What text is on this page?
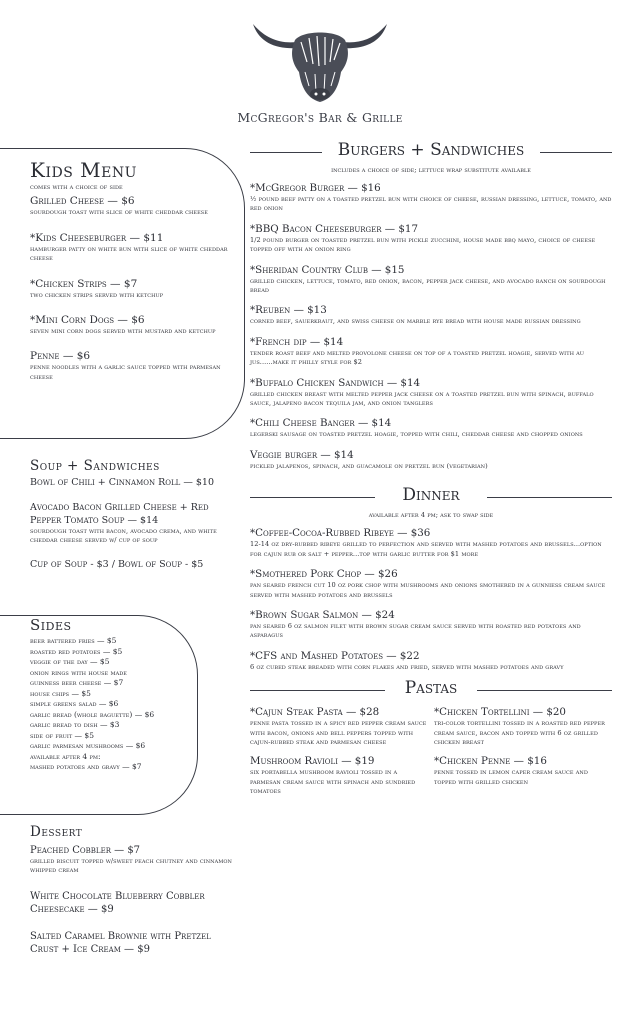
McGregor's Bar & Grille
Kids Menu
comes with a choice of side
Grilled Cheese — $6
sourdough toast with slice of white cheddar cheese
*Kids Cheeseburger — $11
hamburger patty on white bun with slice of white cheddar cheese
*Chicken Strips — $7
two chicken strips served with ketchup
*Mini Corn Dogs — $6
seven mini corn dogs served with mustard and ketchup
Penne — $6
penne noodles with a garlic sauce topped with parmesan cheese
Soup + Sandwiches
Bowl of Chili + Cinnamon Roll — $10
Avocado Bacon Grilled Cheese + Red Pepper Tomato Soup — $14
sourdough toast with bacon, avocado crema, and white cheddar cheese served w/ cup of soup
Cup of Soup - $3 / Bowl of Soup - $5
Sides
beer battered fries — $5
roasted red potatoes — $5
veggie of the day — $5
onion rings with house made
guinness beer cheese — $7
house chips — $5
simple greens salad — $6
garlic bread (whole baguette) — $6
garlic bread to dish — $3
side of fruit — $5
garlic parmesan mushrooms — $6
available after 4 pm:
mashed potatoes and gravy — $7
Dessert
Peached Cobbler — $7
grilled biscuit topped w/sweet peach chutney and cinnamon whipped cream
White Chocolate Blueberry Cobbler Cheesecake — $9
Salted Caramel Brownie with Pretzel Crust + Ice Cream — $9
Burgers + Sandwiches
includes a choice of side; lettuce wrap substitute available
*McGregor Burger — $16
½ pound beef patty on a toasted pretzel bun with choice of cheese, russian dressing, lettuce, tomato, and red onion
*BBQ Bacon Cheeseburger — $17
1/2 pound burger on toasted pretzel bun with pickle zucchini, house made bbq mayo, choice of cheese topped off with an onion ring
*Sheridan Country Club — $15
grilled chicken, lettuce, tomato, red onion, bacon, pepper jack cheese, and avocado ranch on sourdough bread
*Reuben — $13
corned beef, sauerkraut, and swiss cheese on marble rye bread with house made russian dressing
*French dip — $14
tender roast beef and melted provolone cheese on top of a toasted pretzel hoagie, served with au jus......make it philly style for $2
*Buffalo Chicken Sandwich — $14
grilled chicken breast with melted pepper jack cheese on a toasted pretzel bun with spinach, buffalo sauce, jalapeno bacon tequila jam, and onion tanglers
*Chili Cheese Banger — $14
legerski sausage on toasted pretzel hoagie, topped with chili, cheddar cheese and chopped onions
Veggie burger — $14
pickled jalapenos, spinach, and guacamole on pretzel bun (vegetarian)
Dinner
available after 4 pm; ask to swap side
*Coffee-Cocoa-Rubbed Ribeye — $36
12-14 oz dry-rubbed ribeye grilled to perfection and served with mashed potatoes and brussels...option for cajun rub or salt + pepper...top with garlic butter for $1 more
*Smothered Pork Chop — $26
pan seared french cut 10 oz pork chop with mushrooms and onions smothered in a gunniess cream sauce served with mashed potatoes and brussels
*Brown Sugar Salmon — $24
pan seared 6 oz salmon filet with brown sugar cream sauce served with roasted red potatoes and asparagus
*CFS and Mashed Potatoes — $22
6 oz cubed steak breaded with corn flakes and fried, served with mashed potatoes and gravy
Pastas
*Cajun Steak Pasta — $28
penne pasta tossed in a spicy red pepper cream sauce with bacon, onions and bell peppers topped with cajun-rubbed steak and parmesan cheese
Mushroom Ravioli — $19
six portabella mushroom ravioli tossed in a parmesan cream sauce with spinach and sundried tomatoes
*Chicken Tortellini — $20
tri-color tortellini tossed in a roasted red pepper cream sauce, bacon and topped with 6 oz grilled chicken breast
*Chicken Penne — $16
penne tossed in lemon caper cream sauce and topped with grilled chicken
